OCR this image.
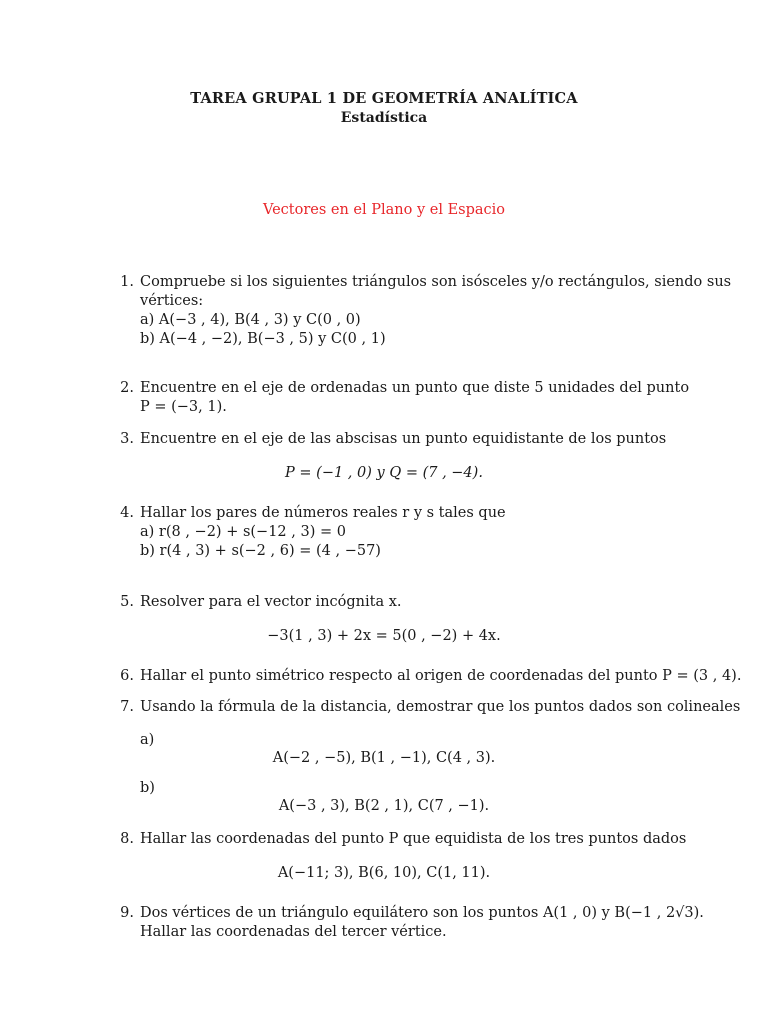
TAREA GRUPAL 1 DE GEOMETRÍA ANALÍTICA
Estadística
Vectores en el Plano y el Espacio
1. Compruebe si los siguientes triángulos son isósceles y/o rectángulos, siendo sus
vértices:
a) A(−3 , 4), B(4 , 3) y C(0 , 0)
b) A(−4 , −2), B(−3 , 5) y C(0 , 1)
2. Encuentre en el eje de ordenadas un punto que diste 5 unidades del punto
P = (−3, 1).
3. Encuentre en el eje de las abscisas un punto equidistante de los puntos
P = (−1 , 0) y Q = (7 , −4).
4. Hallar los pares de números reales r y s tales que
a) r(8 , −2) + s(−12 , 3) = 0
b) r(4 , 3) + s(−2 , 6) = (4 , −57)
5. Resolver para el vector incógnita x.
−3(1 , 3) + 2x = 5(0 , −2) + 4x.
6. Hallar el punto simétrico respecto al origen de coordenadas del punto P = (3 , 4).
7. Usando la fórmula de la distancia, demostrar que los puntos dados son colineales
a)
A(−2 , −5), B(1 , −1), C(4 , 3).
b)
A(−3 , 3), B(2 , 1), C(7 , −1).
8. Hallar las coordenadas del punto P que equidista de los tres puntos dados
A(−11; 3), B(6, 10), C(1, 11).
9. Dos vértices de un triángulo equilátero son los puntos A(1 , 0) y B(−1 , 2√3).
Hallar las coordenadas del tercer vértice.
